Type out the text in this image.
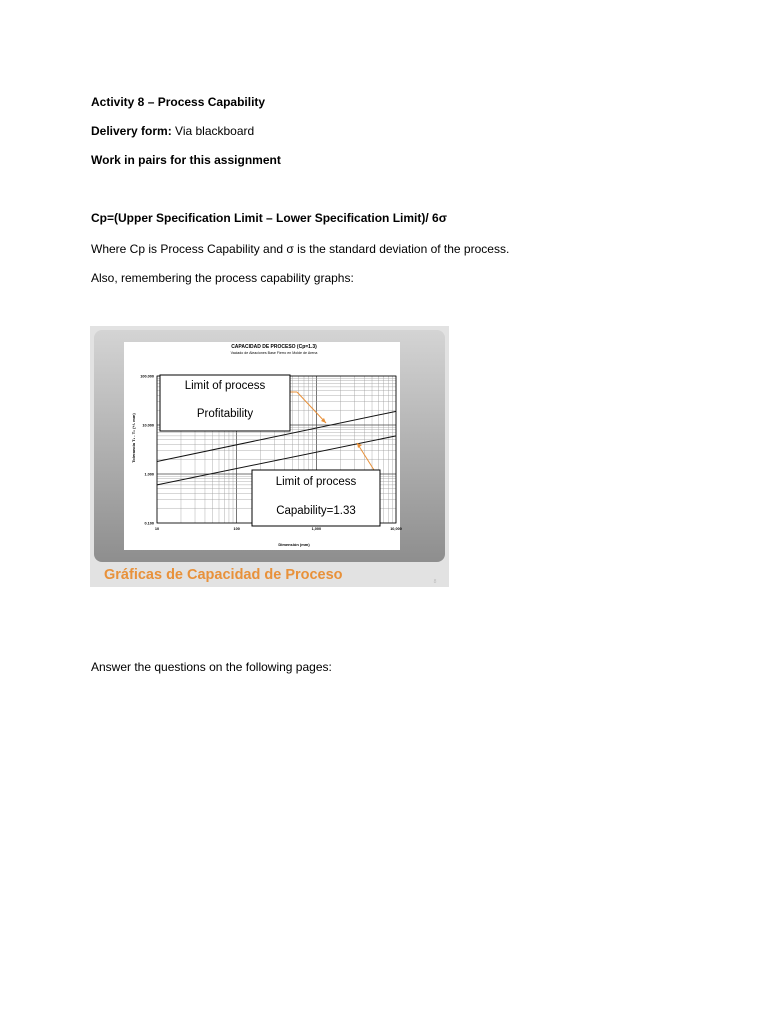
Activity 8 – Process Capability
Delivery form: Via blackboard
Work in pairs for this assignment
Cp=(Upper Specification Limit – Lower Specification Limit)/ 6σ
Where Cp is Process Capability and σ is the standard deviation of the process.
Also, remembering the process capability graphs:
CAPACIDAD DE PROCESO (Cp=1.3)
Vaciado de Aleaciones Base Fierro en Molde de Arena
10	100	1,000	10,000
100.000
10.000
1.000
0.100
Dimensión (mm)
Tolerancia T₁ - T₂ (+/- mm)
Limit of process
Profitability
Limit of process
Capability=1.33
Gráficas de Capacidad de Proceso	8
Answer the questions on the following pages:
